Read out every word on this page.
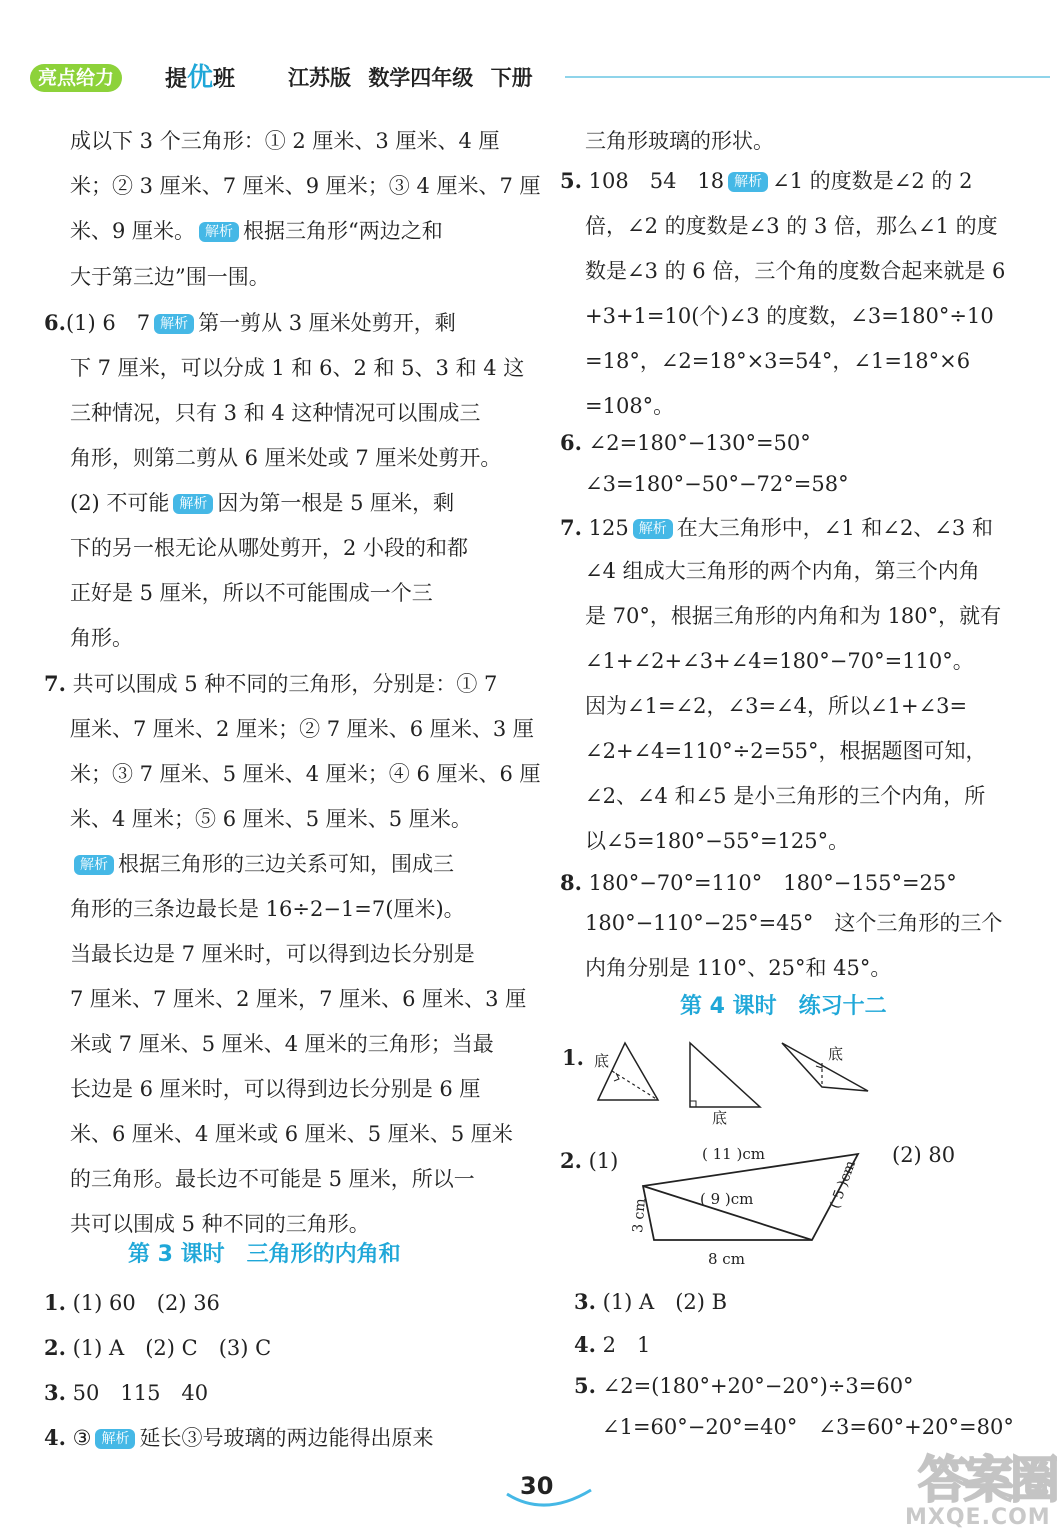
亮点给力	提优班	江苏版 数学四年级 下册
成以下 3 个三角形：① 2 厘米、3 厘米、4 厘
米；② 3 厘米、7 厘米、9 厘米；③ 4 厘米、7 厘
米、9 厘米。 解析 根据三角形“两边之和
大于第三边”围一围。
6.(1) 6　7 解析 第一剪从 3 厘米处剪开，剩
下 7 厘米，可以分成 1 和 6、2 和 5、3 和 4 这
三种情况，只有 3 和 4 这种情况可以围成三
角形，则第二剪从 6 厘米处或 7 厘米处剪开。
(2) 不可能 解析 因为第一根是 5 厘米，剩
下的另一根无论从哪处剪开，2 小段的和都
正好是 5 厘米，所以不可能围成一个三
角形。
7. 共可以围成 5 种不同的三角形，分别是：① 7
厘米、7 厘米、2 厘米；② 7 厘米、6 厘米、3 厘
米；③ 7 厘米、5 厘米、4 厘米；④ 6 厘米、6 厘
米、4 厘米；⑤ 6 厘米、5 厘米、5 厘米。
解析 根据三角形的三边关系可知，围成三
角形的三条边最长是 16÷2−1=7(厘米)。
当最长边是 7 厘米时，可以得到边长分别是
7 厘米、7 厘米、2 厘米，7 厘米、6 厘米、3 厘
米或 7 厘米、5 厘米、4 厘米的三角形；当最
长边是 6 厘米时，可以得到边长分别是 6 厘
米、6 厘米、4 厘米或 6 厘米、5 厘米、5 厘米
的三角形。最长边不可能是 5 厘米，所以一
共可以围成 5 种不同的三角形。
第 3 课时　三角形的内角和
1. (1) 60　(2) 36
2. (1) A　(2) C　(3) C
3. 50　115　40
4. ③ 解析 延长③号玻璃的两边能得出原来
三角形玻璃的形状。
5. 108　54　18 解析 ∠1 的度数是∠2 的 2
倍，∠2 的度数是∠3 的 3 倍，那么∠1 的度
数是∠3 的 6 倍，三个角的度数合起来就是 6
+3+1=10(个)∠3 的度数，∠3=180°÷10
=18°，∠2=18°×3=54°，∠1=18°×6
=108°。
6. ∠2=180°−130°=50°
∠3=180°−50°−72°=58°
7. 125 解析 在大三角形中，∠1 和∠2、∠3 和
∠4 组成大三角形的两个内角，第三个内角
是 70°，根据三角形的内角和为 180°，就有
∠1+∠2+∠3+∠4=180°−70°=110°。
因为∠1=∠2，∠3=∠4，所以∠1+∠3=
∠2+∠4=110°÷2=55°，根据题图可知，
∠2、∠4 和∠5 是小三角形的三个内角，所
以∠5=180°−55°=125°。
8. 180°−70°=110°　180°−155°=25°
180°−110°−25°=45°　这个三角形的三个
内角分别是 110°、25°和 45°。
第 4 课时　练习十二
1. 底
底
底
2. (1)	(2) 80
( 11 )cm
( 9 )cm	( 5 )cm
3 cm
8 cm
3. (1) A　(2) B
4. 2　1
5. ∠2=(180°+20°−20°)÷3=60°
∠1=60°−20°=40°　∠3=60°+20°=80°
30	答案圈
MXQE.COM
